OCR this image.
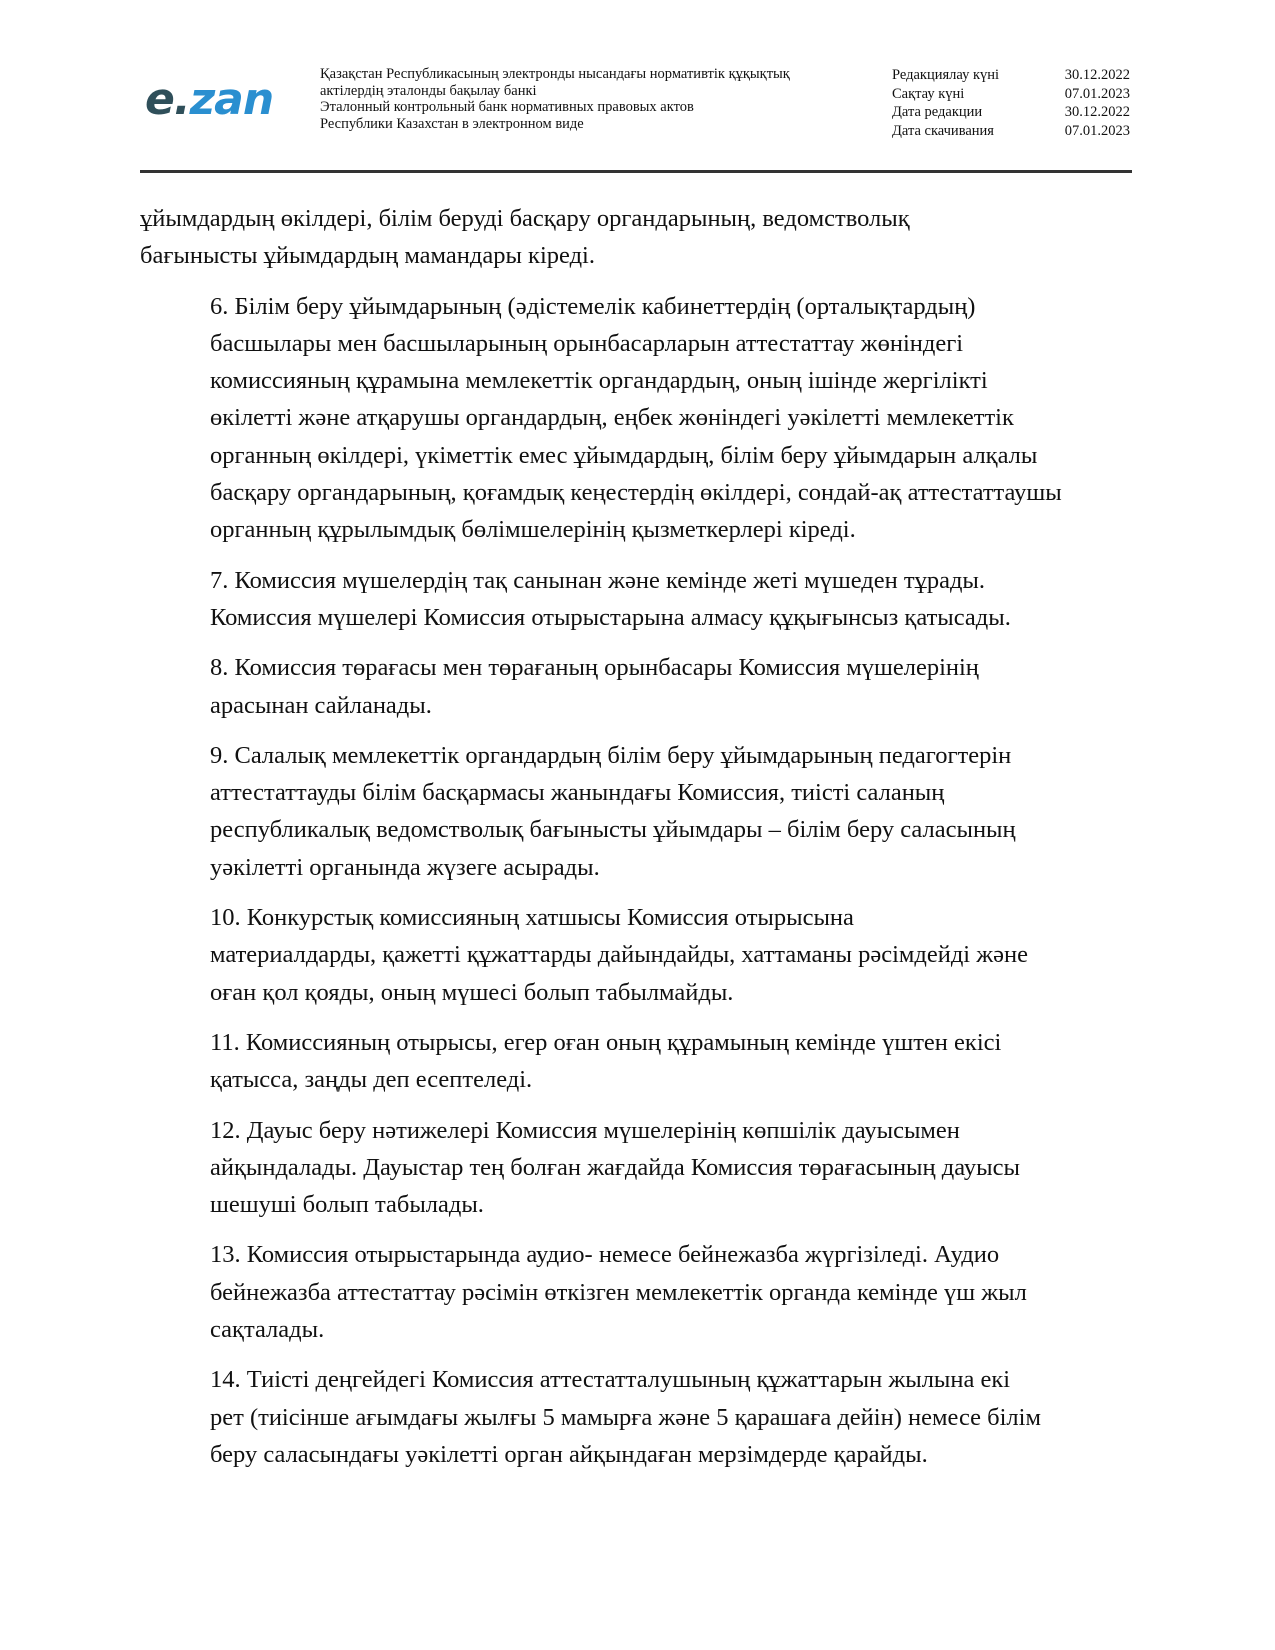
e.zan	Қазақстан Республикасының электронды нысандағы нормативтік құқықтық
актілердің эталонды бақылау банкі
Эталонный контрольный банк нормативных правовых актов
Республики Казахстан в электронном виде
Редакциялау күні	30.12.2022
Сақтау күні	07.01.2023
Дата редакции	30.12.2022
Дата скачивания	07.01.2023

ұйымдардың өкілдері, білім беруді басқару органдарының, ведомстволық
бағынысты ұйымдардың мамандары кіреді.

6. Білім беру ұйымдарының (әдістемелік кабинеттердің (орталықтардың)
басшылары мен басшыларының орынбасарларын аттестаттау жөніндегі
комиссияның құрамына мемлекеттік органдардың, оның ішінде жергілікті
өкілетті және атқарушы органдардың, еңбек жөніндегі уәкілетті мемлекеттік
органның өкілдері, үкіметтік емес ұйымдардың, білім беру ұйымдарын алқалы
басқару органдарының, қоғамдық кеңестердің өкілдері, сондай-ақ аттестаттаушы
органның құрылымдық бөлімшелерінің қызметкерлері кіреді.

7. Комиссия мүшелердің тақ санынан және кемінде жеті мүшеден тұрады.
Комиссия мүшелері Комиссия отырыстарына алмасу құқығынсыз қатысады.

8. Комиссия төрағасы мен төрағаның орынбасары Комиссия мүшелерінің
арасынан сайланады.

9. Салалық мемлекеттік органдардың білім беру ұйымдарының педагогтерін
аттестаттауды білім басқармасы жанындағы Комиссия, тиісті саланың
республикалық ведомстволық бағынысты ұйымдары – білім беру саласының
уәкілетті органында жүзеге асырады.

10. Конкурстық комиссияның хатшысы Комиссия отырысына
материалдарды, қажетті құжаттарды дайындайды, хаттаманы рәсімдейді және
оған қол қояды, оның мүшесі болып табылмайды.

11. Комиссияның отырысы, егер оған оның құрамының кемінде үштен екісі
қатысса, заңды деп есептеледі.

12. Дауыс беру нәтижелері Комиссия мүшелерінің көпшілік дауысымен
айқындалады. Дауыстар тең болған жағдайда Комиссия төрағасының дауысы
шешуші болып табылады.

13. Комиссия отырыстарында аудио- немесе бейнежазба жүргізіледі. Аудио
бейнежазба аттестаттау рәсімін өткізген мемлекеттік органда кемінде үш жыл
сақталады.

14. Тиісті деңгейдегі Комиссия аттестатталушының құжаттарын жылына екі
рет (тиісінше ағымдағы жылғы 5 мамырға және 5 қарашаға дейін) немесе білім
беру саласындағы уәкілетті орган айқындаған мерзімдерде қарайды.
